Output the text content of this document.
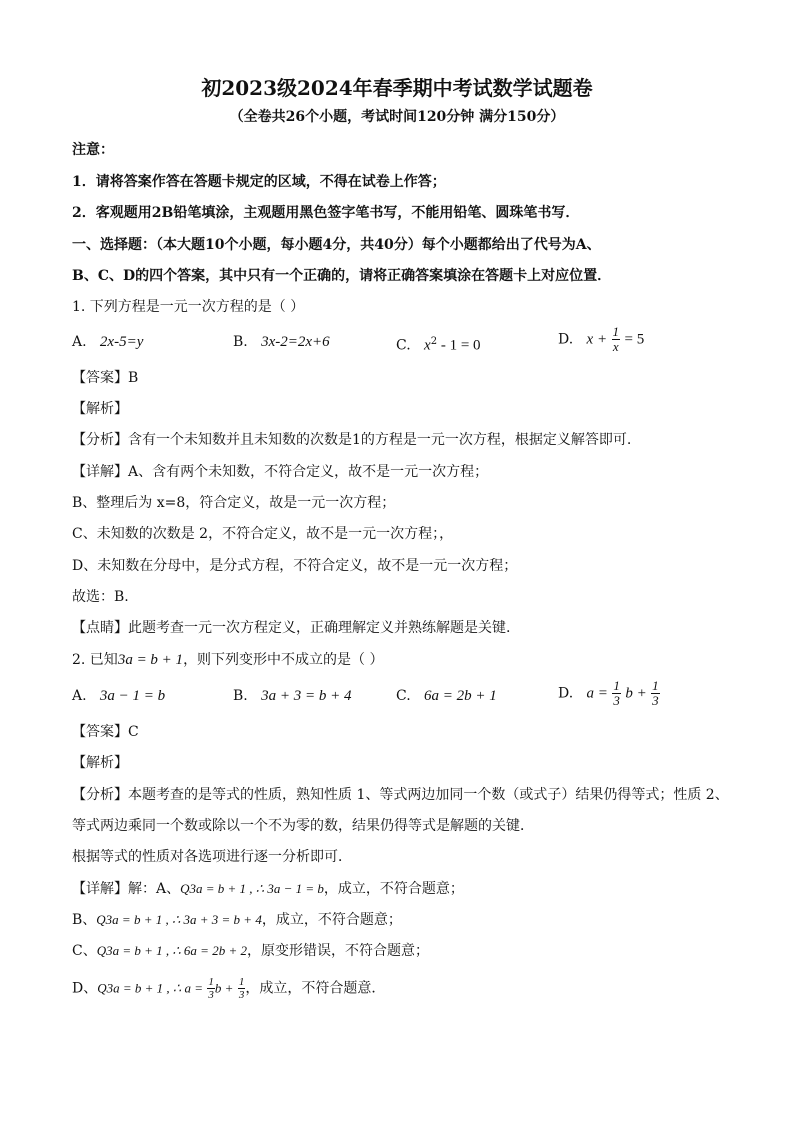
初2023级2024年春季期中考试数学试题卷
（全卷共26个小题，考试时间120分钟 满分150分）
注意：
1．请将答案作答在答题卡规定的区域，不得在试卷上作答；
2．客观题用2B铅笔填涂，主观题用黑色签字笔书写，不能用铅笔、圆珠笔书写．
一、选择题：（本大题10个小题，每小题4分，共40分）每个小题都给出了代号为A、
B、C、D的四个答案，其中只有一个正确的，请将正确答案填涂在答题卡上对应位置．
1. 下列方程是一元一次方程的是（ ）
A. 2x-5=y	B. 3x-2=2x+6	C. $x^2 - 1 = 0$	D. $x + \frac{1}{x} = 5$
【答案】B
【解析】
【分析】含有一个未知数并且未知数的次数是1的方程是一元一次方程，根据定义解答即可.
【详解】A、含有两个未知数，不符合定义，故不是一元一次方程；
B、整理后为 x=8，符合定义，故是一元一次方程；
C、未知数的次数是 2，不符合定义，故不是一元一次方程；，
D、未知数在分母中，是分式方程，不符合定义，故不是一元一次方程；
故选：B.
【点睛】此题考查一元一次方程定义，正确理解定义并熟练解题是关键.
2. 已知3a = b + 1，则下列变形中不成立的是（ ）
A. 3a − 1 = b	B. 3a + 3 = b + 4	C. 6a = 2b + 1	D. $a = \frac{1}{3}$ $b + \frac{1}{3}$
【答案】C
【解析】
【分析】本题考查的是等式的性质，熟知性质 1、等式两边加同一个数（或式子）结果仍得等式；性质 2、
等式两边乘同一个数或除以一个不为零的数，结果仍得等式是解题的关键．
根据等式的性质对各选项进行逐一分析即可．
【详解】解：A、Q3a = b + 1 , ∴ 3a − 1 = b，成立，不符合题意；
B、Q3a = b + 1 , ∴ 3a + 3 = b + 4，成立，不符合题意；
C、Q3a = b + 1 , ∴ 6a = 2b + 2，原变形错误，不符合题意；
D、Q3a = b + 1 , ∴ $a = \frac{1}{3}$ $b + \frac{1}{3}$ ，成立，不符合题意．
